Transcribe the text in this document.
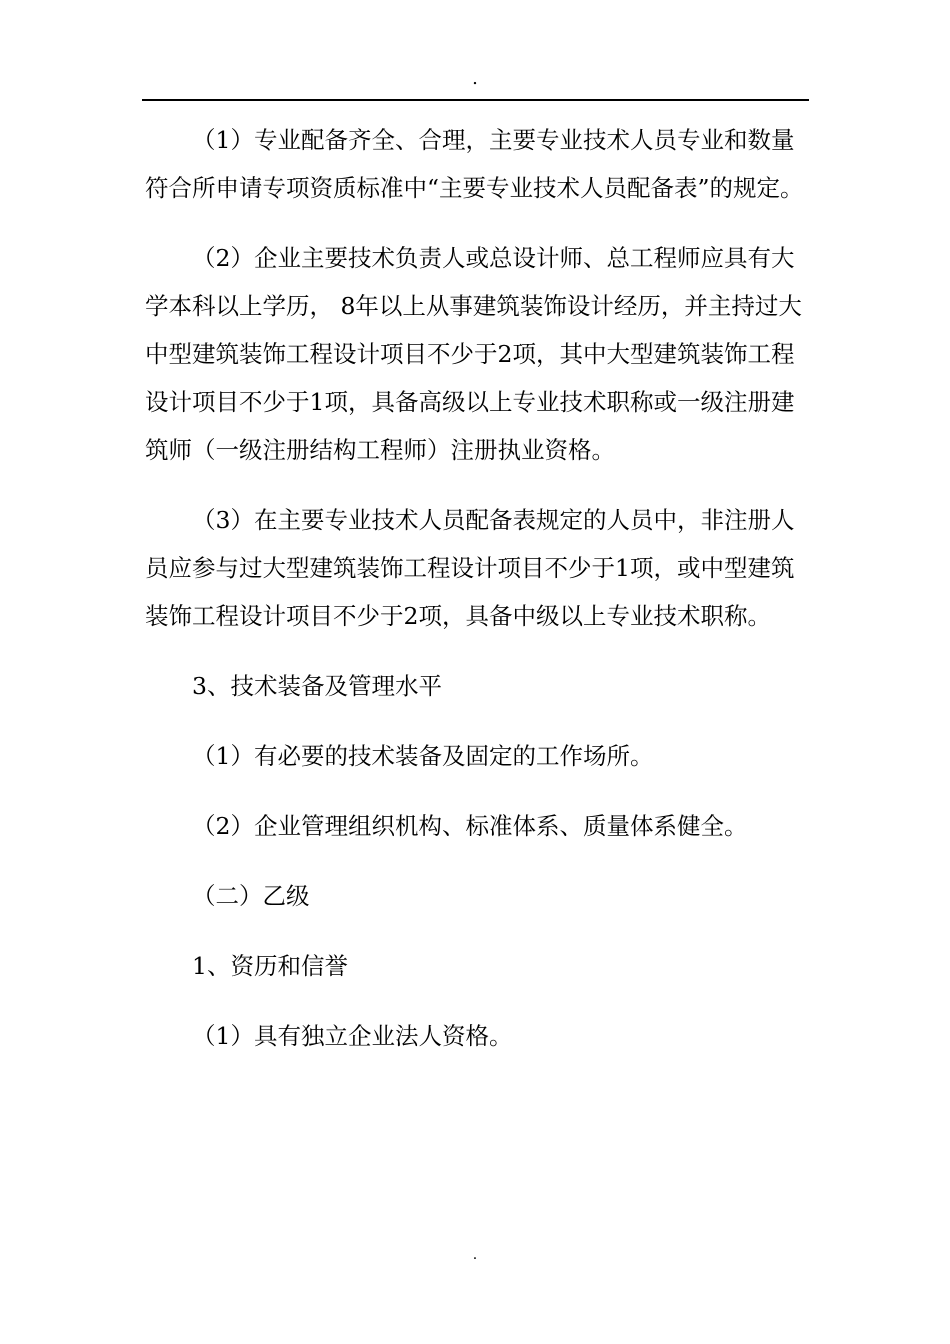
.

（1）专业配备齐全、合理，主要专业技术人员专业和数量符合所申请专项资质标准中“主要专业技术人员配备表”的规定。

（2）企业主要技术负责人或总设计师、总工程师应具有大学本科以上学历， 8年以上从事建筑装饰设计经历，并主持过大中型建筑装饰工程设计项目不少于2项，其中大型建筑装饰工程设计项目不少于1项，具备高级以上专业技术职称或一级注册建筑师（一级注册结构工程师）注册执业资格。

（3）在主要专业技术人员配备表规定的人员中，非注册人员应参与过大型建筑装饰工程设计项目不少于1项，或中型建筑装饰工程设计项目不少于2项，具备中级以上专业技术职称。

3、技术装备及管理水平

（1）有必要的技术装备及固定的工作场所。

（2）企业管理组织机构、标准体系、质量体系健全。

（二）乙级

1、资历和信誉

（1）具有独立企业法人资格。

.
